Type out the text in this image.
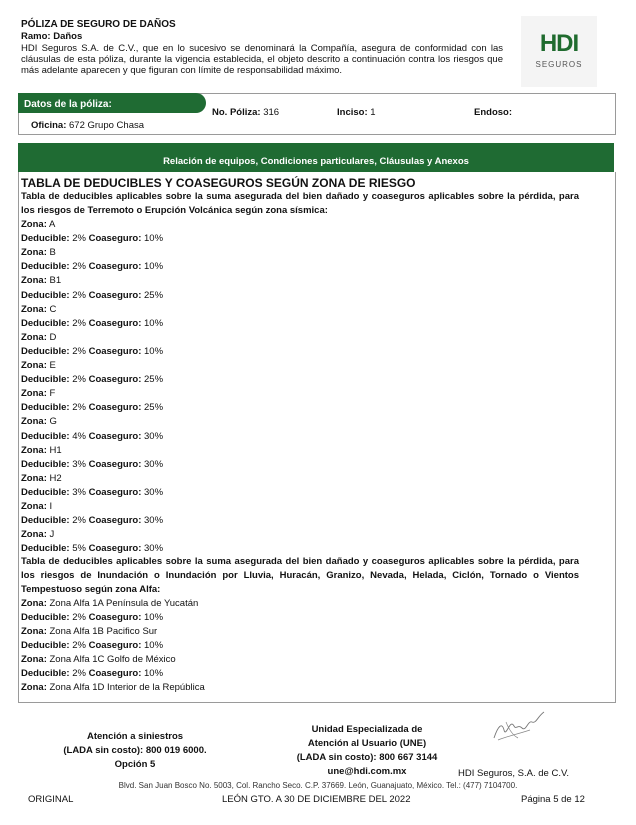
PÓLIZA DE SEGURO DE DAÑOS
Ramo: Daños
HDI Seguros S.A. de C.V., que en lo sucesivo se denominará la Compañía, asegura de conformidad con las cláusulas de esta póliza, durante la vigencia establecida, el objeto descrito a continuación contra los riesgos que más adelante aparecen y que figuran con límite de responsabilidad máximo.
HDI
SEGUROS
Datos de la póliza:
No. Póliza: 316	Inciso: 1	Endoso:
Oficina: 672 Grupo Chasa
Relación de equipos, Condiciones particulares, Cláusulas y Anexos
TABLA DE DEDUCIBLES Y COASEGUROS SEGÚN ZONA DE RIESGO
Tabla de deducibles aplicables sobre la suma asegurada del bien dañado y coaseguros aplicables sobre la pérdida, para los riesgos de Terremoto o Erupción Volcánica según zona sísmica:
Zona: A
Deducible: 2% Coaseguro: 10%
Zona: B
Deducible: 2% Coaseguro: 10%
Zona: B1
Deducible: 2% Coaseguro: 25%
Zona: C
Deducible: 2% Coaseguro: 10%
Zona: D
Deducible: 2% Coaseguro: 10%
Zona: E
Deducible: 2% Coaseguro: 25%
Zona: F
Deducible: 2% Coaseguro: 25%
Zona: G
Deducible: 4% Coaseguro: 30%
Zona: H1
Deducible: 3% Coaseguro: 30%
Zona: H2
Deducible: 3% Coaseguro: 30%
Zona: I
Deducible: 2% Coaseguro: 30%
Zona: J
Deducible: 5% Coaseguro: 30%
Tabla de deducibles aplicables sobre la suma asegurada del bien dañado y coaseguros aplicables sobre la pérdida, para los riesgos de Inundación o Inundación por Lluvia, Huracán, Granizo, Nevada, Helada, Ciclón, Tornado o Vientos Tempestuoso según zona Alfa:
Zona: Zona Alfa 1A Península de Yucatán
Deducible: 2% Coaseguro: 10%
Zona: Zona Alfa 1B Pacifico Sur
Deducible: 2% Coaseguro: 10%
Zona: Zona Alfa 1C Golfo de México
Deducible: 2% Coaseguro: 10%
Zona: Zona Alfa 1D Interior de la República
Atención a siniestros
(LADA sin costo): 800 019 6000.
Opción 5
Unidad Especializada de
Atención al Usuario (UNE)
(LADA sin costo): 800 667 3144
une@hdi.com.mx	HDI Seguros, S.A. de C.V.
Blvd. San Juan Bosco No. 5003, Col. Rancho Seco. C.P. 37669. León, Guanajuato, México. Tel.: (477) 7104700.
ORIGINAL	LEÓN GTO. A 30 DE DICIEMBRE DEL 2022	Página 5 de 12
